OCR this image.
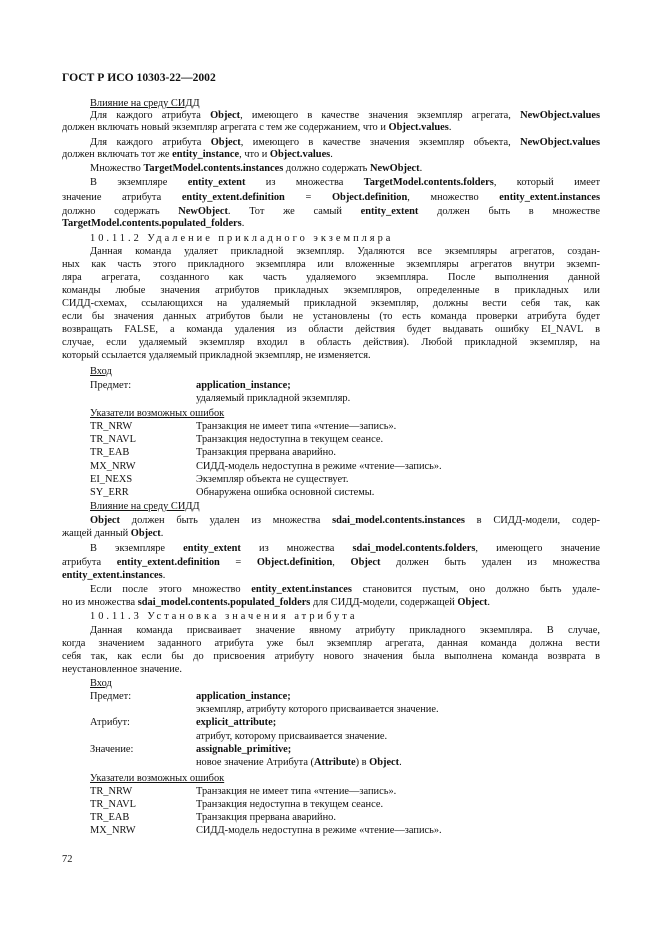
ГОСТ Р ИСО 10303-22—2002
Влияние на среду СИДД
Для каждого атрибута Object, имеющего в качестве значения экземпляр агрегата, NewObject.values
должен включать новый экземпляр агрегата с тем же содержанием, что и Object.values.
Для каждого атрибута Object, имеющего в качестве значения экземпляр объекта, NewObject.values
должен включать тот же entity_instance, что и Object.values.
Множество TargetModel.contents.instances должно содержать NewObject.
В экземпляре entity_extent из множества TargetModel.contents.folders, который имеет
значение атрибута entity_extent.definition = Object.definition, множество entity_extent.instances
должно содержать NewObject. Тот же самый entity_extent должен быть в множестве
TargetModel.contents.populated_folders.
10.11.2 Удаление прикладного экземпляра
Данная команда удаляет прикладной экземпляр. Удаляются все экземпляры агрегатов, создан-
ных как часть этого прикладного экземпляра или вложенные экземпляры агрегатов внутри экземп-
ляра агрегата, созданного как часть удаляемого экземпляра. После выполнения данной
команды любые значения атрибутов прикладных экземпляров, определенные в прикладных или
СИДД-схемах, ссылающихся на удаляемый прикладной экземпляр, должны вести себя так, как
если бы значения данных атрибутов были не установлены (то есть команда проверки атрибута будет
возвращать FALSE, а команда удаления из области действия будет выдавать ошибку EI_NAVL в
случае, если удаляемый экземпляр входил в область действия). Любой прикладной экземпляр, на
который ссылается удаляемый прикладной экземпляр, не изменяется.
Вход
Предмет:	application_instance;
удаляемый прикладной экземпляр.
Указатели возможных ошибок
TR_NRW	Транзакция не имеет типа «чтение—запись».
TR_NAVL	Транзакция недоступна в текущем сеансе.
TR_EAB	Транзакция прервана аварийно.
MX_NRW	СИДД-модель недоступна в режиме «чтение—запись».
EI_NEXS	Экземпляр объекта не существует.
SY_ERR	Обнаружена ошибка основной системы.
Влияние на среду СИДД
Object должен быть удален из множества sdai_model.contents.instances в СИДД-модели, содер-
жащей данный Object.
В экземпляре entity_extent из множества sdai_model.contents.folders, имеющего значение
атрибута entity_extent.definition = Object.definition, Object должен быть удален из множества
entity_extent.instances.
Если после этого множество entity_extent.instances становится пустым, оно должно быть удале-
но из множества sdai_model.contents.populated_folders для СИДД-модели, содержащей Object.
10.11.3 Установка значения атрибута
Данная команда присваивает значение явному атрибуту прикладного экземпляра. В случае,
когда значением заданного атрибута уже был экземпляр агрегата, данная команда должна вести
себя так, как если бы до присвоения атрибуту нового значения была выполнена команда возврата в
неустановленное значение.
Вход
Предмет:	application_instance;
экземпляр, атрибуту которого присваивается значение.
Атрибут:	explicit_attribute;
атрибут, которому присваивается значение.
Значение:	assignable_primitive;
новое значение Атрибута (Attribute) в Object.
Указатели возможных ошибок
TR_NRW	Транзакция не имеет типа «чтение—запись».
TR_NAVL	Транзакция недоступна в текущем сеансе.
TR_EAB	Транзакция прервана аварийно.
MX_NRW	СИДД-модель недоступна в режиме «чтение—запись».
72
